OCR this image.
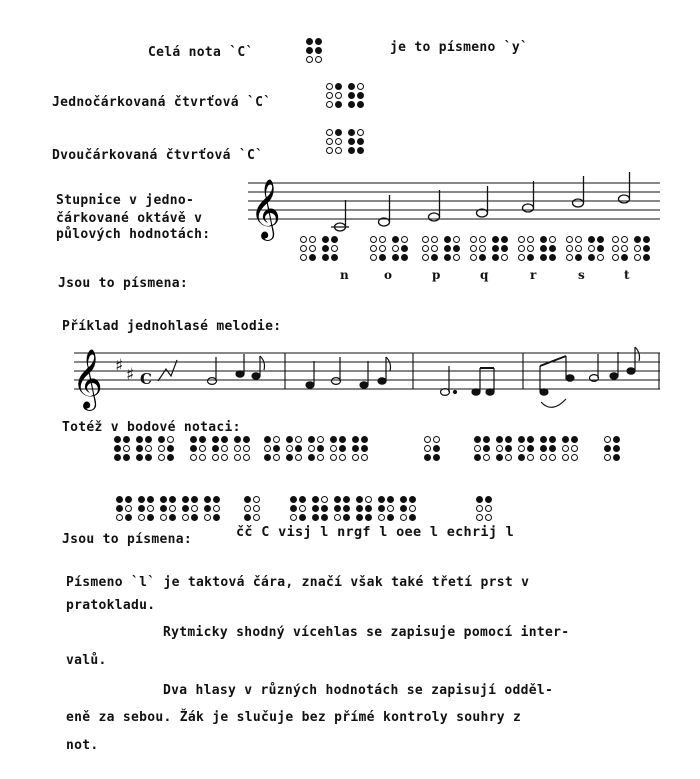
Celá nota `C`	je to písmeno `y`
Jednočárkovaná čtvrťová `C`
Dvoučárkovaná čtvrťová `C`
Stupnice v jedno-
čárkované oktávě v
půlových hodnotách: 𝄞
n	o	p	q	r	s	t
Jsou to písmena:
Příklad jednohlasé melodie:
𝄞 ♯ ♯ C
Totéž v bodové notaci:
Jsou to písmena:	čč C visj l nrgf l oee l echrij l
Písmeno `l` je taktová čára, značí však také třetí prst v
pratokladu.
Rytmicky shodný vícehlas se zapisuje pomocí inter-
valů.
Dva hlasy v různých hodnotách se zapisují odděl-
eně za sebou. Žák je slučuje bez přímé kontroly souhry z
not.
